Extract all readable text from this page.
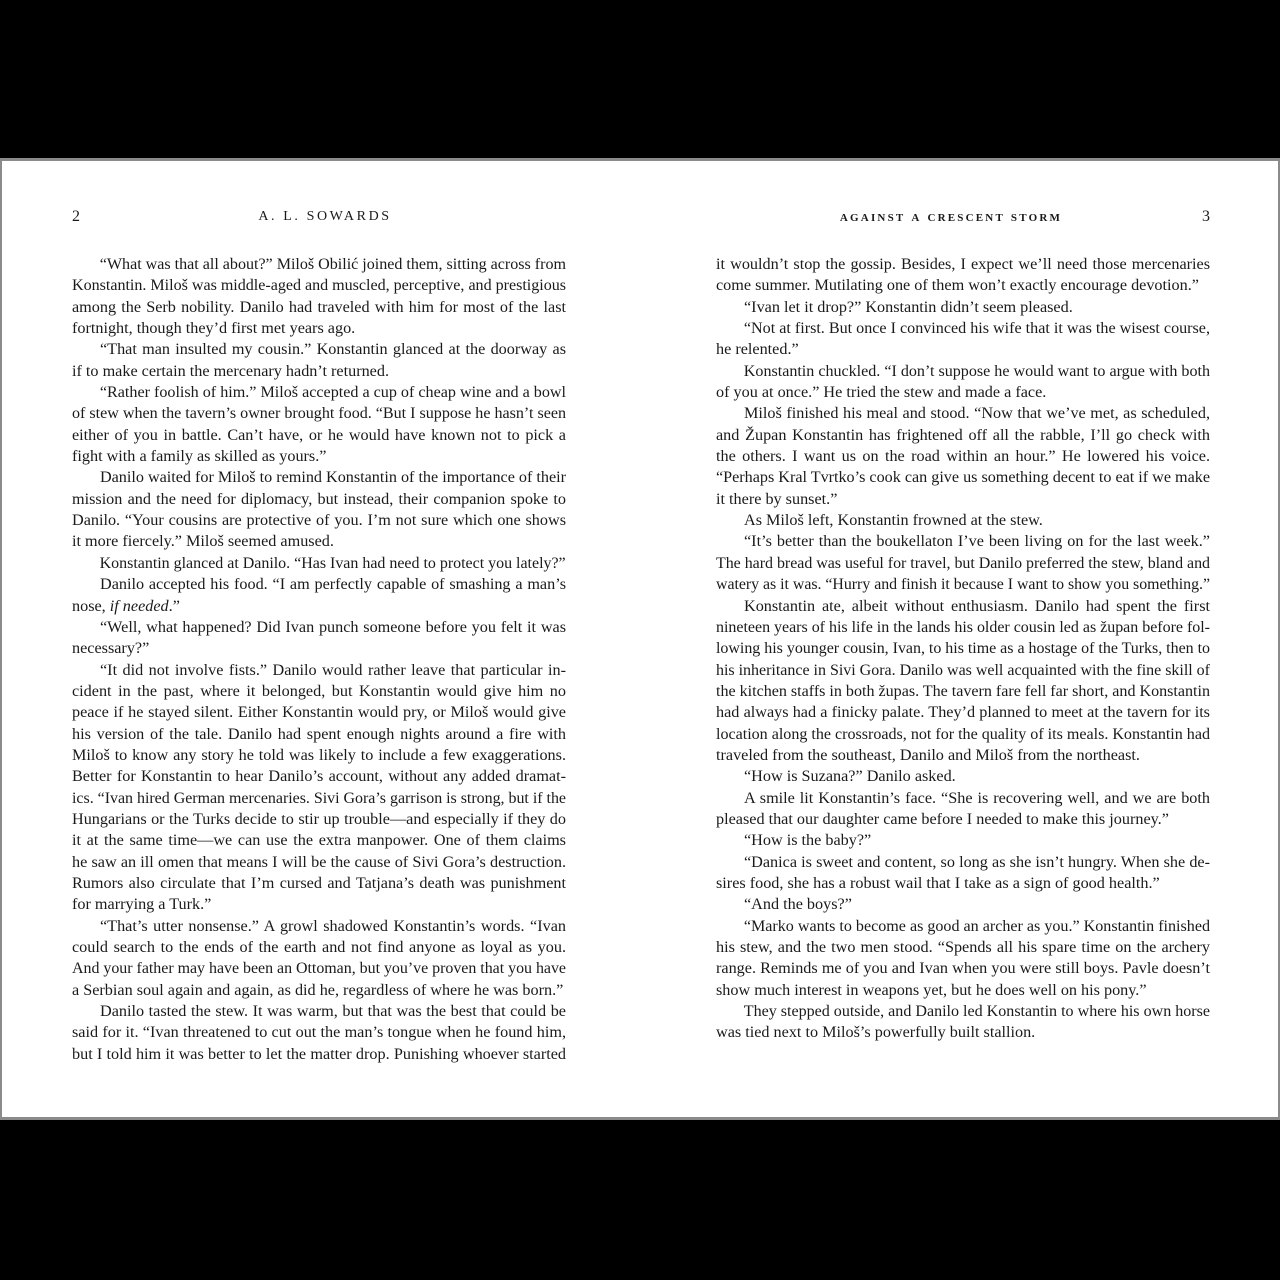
2	A. L. SOWARDS
“What was that all about?” Miloš Obilić joined them, sitting across from
Konstantin. Miloš was middle-aged and muscled, perceptive, and prestigious
among the Serb nobility. Danilo had traveled with him for most of the last
fortnight, though they’d first met years ago.
“That man insulted my cousin.” Konstantin glanced at the doorway as
if to make certain the mercenary hadn’t returned.
“Rather foolish of him.” Miloš accepted a cup of cheap wine and a bowl
of stew when the tavern’s owner brought food. “But I suppose he hasn’t seen
either of you in battle. Can’t have, or he would have known not to pick a
fight with a family as skilled as yours.”
Danilo waited for Miloš to remind Konstantin of the importance of their
mission and the need for diplomacy, but instead, their companion spoke to
Danilo. “Your cousins are protective of you. I’m not sure which one shows
it more fiercely.” Miloš seemed amused.
Konstantin glanced at Danilo. “Has Ivan had need to protect you lately?”
Danilo accepted his food. “I am perfectly capable of smashing a man’s
nose, if needed.”
“Well, what happened? Did Ivan punch someone before you felt it was
necessary?”
“It did not involve fists.” Danilo would rather leave that particular in-
cident in the past, where it belonged, but Konstantin would give him no
peace if he stayed silent. Either Konstantin would pry, or Miloš would give
his version of the tale. Danilo had spent enough nights around a fire with
Miloš to know any story he told was likely to include a few exaggerations.
Better for Konstantin to hear Danilo’s account, without any added dramat-
ics. “Ivan hired German mercenaries. Sivi Gora’s garrison is strong, but if the
Hungarians or the Turks decide to stir up trouble—and especially if they do
it at the same time—we can use the extra manpower. One of them claims
he saw an ill omen that means I will be the cause of Sivi Gora’s destruction.
Rumors also circulate that I’m cursed and Tatjana’s death was punishment
for marrying a Turk.”
“That’s utter nonsense.” A growl shadowed Konstantin’s words. “Ivan
could search to the ends of the earth and not find anyone as loyal as you.
And your father may have been an Ottoman, but you’ve proven that you have
a Serbian soul again and again, as did he, regardless of where he was born.”
Danilo tasted the stew. It was warm, but that was the best that could be
said for it. “Ivan threatened to cut out the man’s tongue when he found him,
but I told him it was better to let the matter drop. Punishing whoever started
against a crescent storm	3
it wouldn’t stop the gossip. Besides, I expect we’ll need those mercenaries
come summer. Mutilating one of them won’t exactly encourage devotion.”
“Ivan let it drop?” Konstantin didn’t seem pleased.
“Not at first. But once I convinced his wife that it was the wisest course,
he relented.”
Konstantin chuckled. “I don’t suppose he would want to argue with both
of you at once.” He tried the stew and made a face.
Miloš finished his meal and stood. “Now that we’ve met, as scheduled,
and Župan Konstantin has frightened off all the rabble, I’ll go check with
the others. I want us on the road within an hour.” He lowered his voice.
“Perhaps Kral Tvrtko’s cook can give us something decent to eat if we make
it there by sunset.”
As Miloš left, Konstantin frowned at the stew.
“It’s better than the boukellaton I’ve been living on for the last week.”
The hard bread was useful for travel, but Danilo preferred the stew, bland and
watery as it was. “Hurry and finish it because I want to show you something.”
Konstantin ate, albeit without enthusiasm. Danilo had spent the first
nineteen years of his life in the lands his older cousin led as župan before fol-
lowing his younger cousin, Ivan, to his time as a hostage of the Turks, then to
his inheritance in Sivi Gora. Danilo was well acquainted with the fine skill of
the kitchen staffs in both župas. The tavern fare fell far short, and Konstantin
had always had a finicky palate. They’d planned to meet at the tavern for its
location along the crossroads, not for the quality of its meals. Konstantin had
traveled from the southeast, Danilo and Miloš from the northeast.
“How is Suzana?” Danilo asked.
A smile lit Konstantin’s face. “She is recovering well, and we are both
pleased that our daughter came before I needed to make this journey.”
“How is the baby?”
“Danica is sweet and content, so long as she isn’t hungry. When she de-
sires food, she has a robust wail that I take as a sign of good health.”
“And the boys?”
“Marko wants to become as good an archer as you.” Konstantin finished
his stew, and the two men stood. “Spends all his spare time on the archery
range. Reminds me of you and Ivan when you were still boys. Pavle doesn’t
show much interest in weapons yet, but he does well on his pony.”
They stepped outside, and Danilo led Konstantin to where his own horse
was tied next to Miloš’s powerfully built stallion.
